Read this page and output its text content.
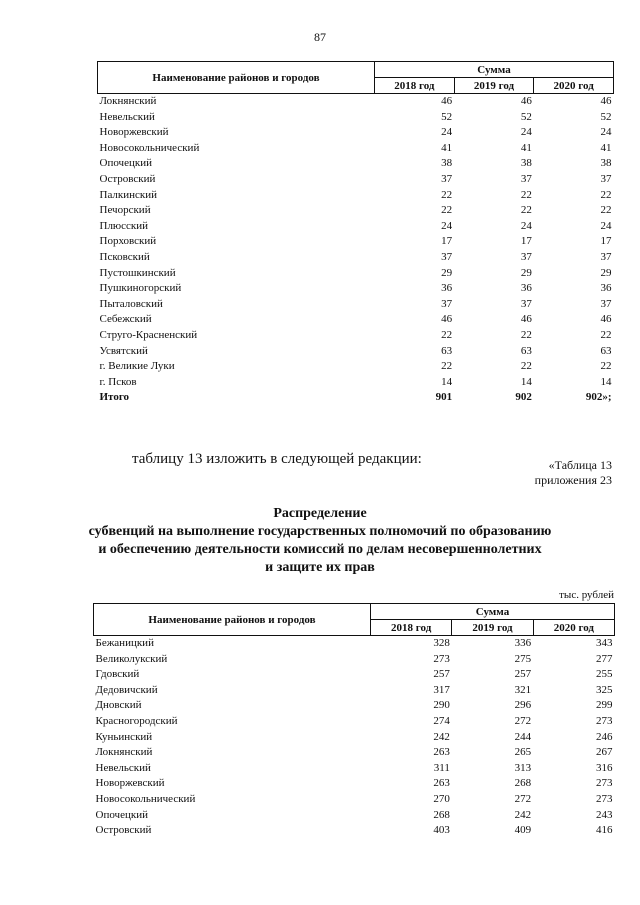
87
Наименование районов и городов	Сумма		
	2018 год	2019 год	2020 год
Локнянский	46	46	46
Невельский	52	52	52
Новоржевский	24	24	24
Новосокольнический	41	41	41
Опочецкий	38	38	38
Островский	37	37	37
Палкинский	22	22	22
Печорский	22	22	22
Плюсский	24	24	24
Порховский	17	17	17
Псковский	37	37	37
Пустошкинский	29	29	29
Пушкиногорский	36	36	36
Пыталовский	37	37	37
Себежский	46	46	46
Струго-Красненский	22	22	22
Усвятский	63	63	63
г. Великие Луки	22	22	22
г. Псков	14	14	14
Итого	901	902	902»;
таблицу 13 изложить в следующей редакции:	«Таблица 13
приложения 23
Распределение
субвенций на выполнение государственных полномочий по образованию
и обеспечению деятельности комиссий по делам несовершеннолетних
и защите их прав
тыс. рублей
Наименование районов и городов	Сумма		
	2018 год	2019 год	2020 год
Бежаницкий	328	336	343
Великолукский	273	275	277
Гдовский	257	257	255
Дедовичский	317	321	325
Дновский	290	296	299
Красногородский	274	272	273
Куньинский	242	244	246
Локнянский	263	265	267
Невельский	311	313	316
Новоржевский	263	268	273
Новосокольнический	270	272	273
Опочецкий	268	242	243
Островский	403	409	416
